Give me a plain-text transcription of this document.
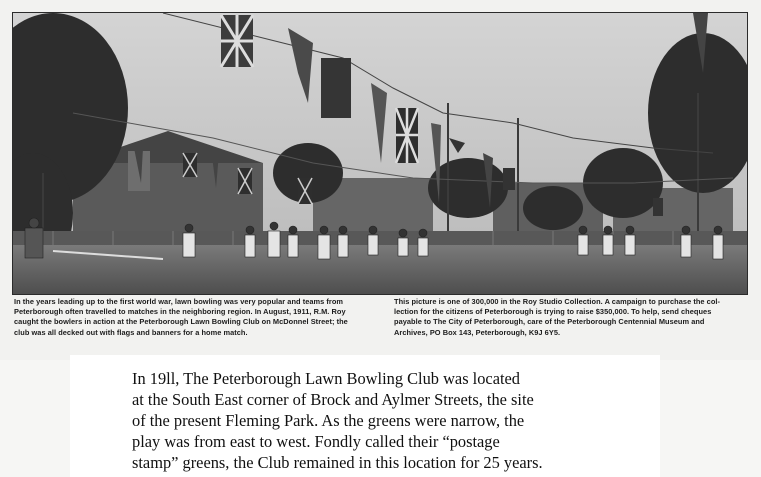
In the years leading up to the first world war, lawn bowling was very popular and teams from
Peterborough often travelled to matches in the neighboring region. In August, 1911, R.M. Roy
caught the bowlers in action at the Peterborough Lawn Bowling Club on McDonnel Street; the
club was all decked out with flags and banners for a home match.
This picture is one of 300,000 in the Roy Studio Collection. A campaign to purchase the col-
lection for the citizens of Peterborough is trying to raise $350,000. To help, send cheques
payable to The City of Peterborough, care of the Peterborough Centennial Museum and
Archives, PO Box 143, Peterborough, K9J 6Y5.
In 19ll, The Peterborough Lawn Bowling Club was located
at the South East corner of Brock and Aylmer Streets, the site
of the present Fleming Park. As the greens were narrow, the
play was from east to west. Fondly called their “postage
stamp” greens, the Club remained in this location for 25 years.
